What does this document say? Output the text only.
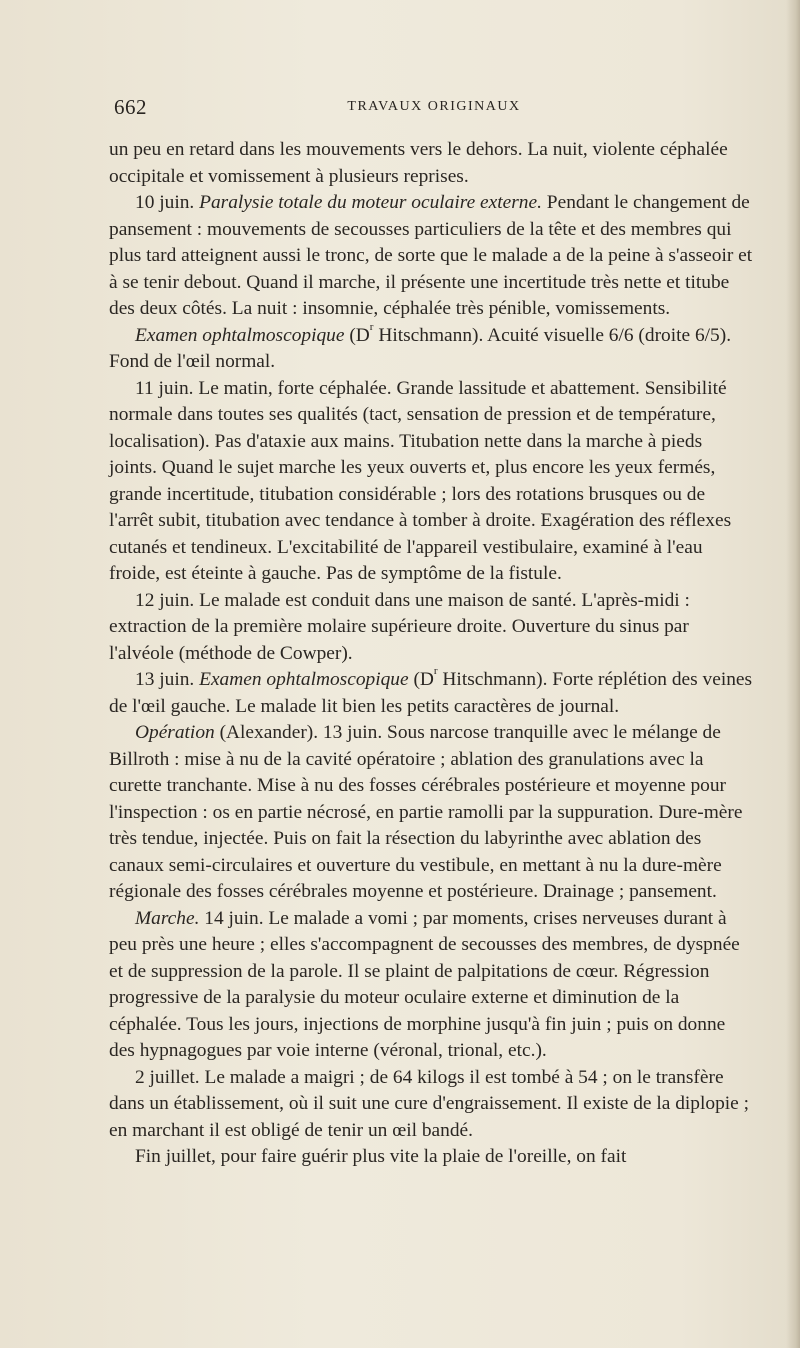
662	TRAVAUX ORIGINAUX

un peu en retard dans les mouvements vers le dehors. La nuit, violente céphalée occipitale et vomissement à plusieurs reprises.

10 juin. Paralysie totale du moteur oculaire externe. Pendant le changement de pansement : mouvements de secousses particuliers de la tête et des membres qui plus tard atteignent aussi le tronc, de sorte que le malade a de la peine à s'asseoir et à se tenir debout. Quand il marche, il présente une incertitude très nette et titube des deux côtés. La nuit : insomnie, céphalée très pénible, vomissements.

Examen ophtalmoscopique ($D^r$ Hitschmann). Acuité visuelle 6/6 (droite 6/5). Fond de l'œil normal.

11 juin. Le matin, forte céphalée. Grande lassitude et abattement. Sensibilité normale dans toutes ses qualités (tact, sensation de pression et de température, localisation). Pas d'ataxie aux mains. Titubation nette dans la marche à pieds joints. Quand le sujet marche les yeux ouverts et, plus encore les yeux fermés, grande incertitude, titubation considérable ; lors des rotations brusques ou de l'arrêt subit, titubation avec tendance à tomber à droite. Exagération des réflexes cutanés et tendineux. L'excitabilité de l'appareil vestibulaire, examiné à l'eau froide, est éteinte à gauche. Pas de symptôme de la fistule.

12 juin. Le malade est conduit dans une maison de santé. L'après-midi : extraction de la première molaire supérieure droite. Ouverture du sinus par l'alvéole (méthode de Cowper).

13 juin. Examen ophtalmoscopique ($D^r$ Hitschmann). Forte réplétion des veines de l'œil gauche. Le malade lit bien les petits caractères de journal.

Opération (Alexander). 13 juin. Sous narcose tranquille avec le mélange de Billroth : mise à nu de la cavité opératoire ; ablation des granulations avec la curette tranchante. Mise à nu des fosses cérébrales postérieure et moyenne pour l'inspection : os en partie nécrosé, en partie ramolli par la suppuration. Dure-mère très tendue, injectée. Puis on fait la résection du labyrinthe avec ablation des canaux semi-circulaires et ouverture du vestibule, en mettant à nu la dure-mère régionale des fosses cérébrales moyenne et postérieure. Drainage ; pansement.

Marche. 14 juin. Le malade a vomi ; par moments, crises nerveuses durant à peu près une heure ; elles s'accompagnent de secousses des membres, de dyspnée et de suppression de la parole. Il se plaint de palpitations de cœur. Régression progressive de la paralysie du moteur oculaire externe et diminution de la céphalée. Tous les jours, injections de morphine jusqu'à fin juin ; puis on donne des hypnagogues par voie interne (véronal, trional, etc.).

2 juillet. Le malade a maigri ; de 64 kilogs il est tombé à 54 ; on le transfère dans un établissement, où il suit une cure d'engraissement. Il existe de la diplopie ; en marchant il est obligé de tenir un œil bandé.

Fin juillet, pour faire guérir plus vite la plaie de l'oreille, on fait
